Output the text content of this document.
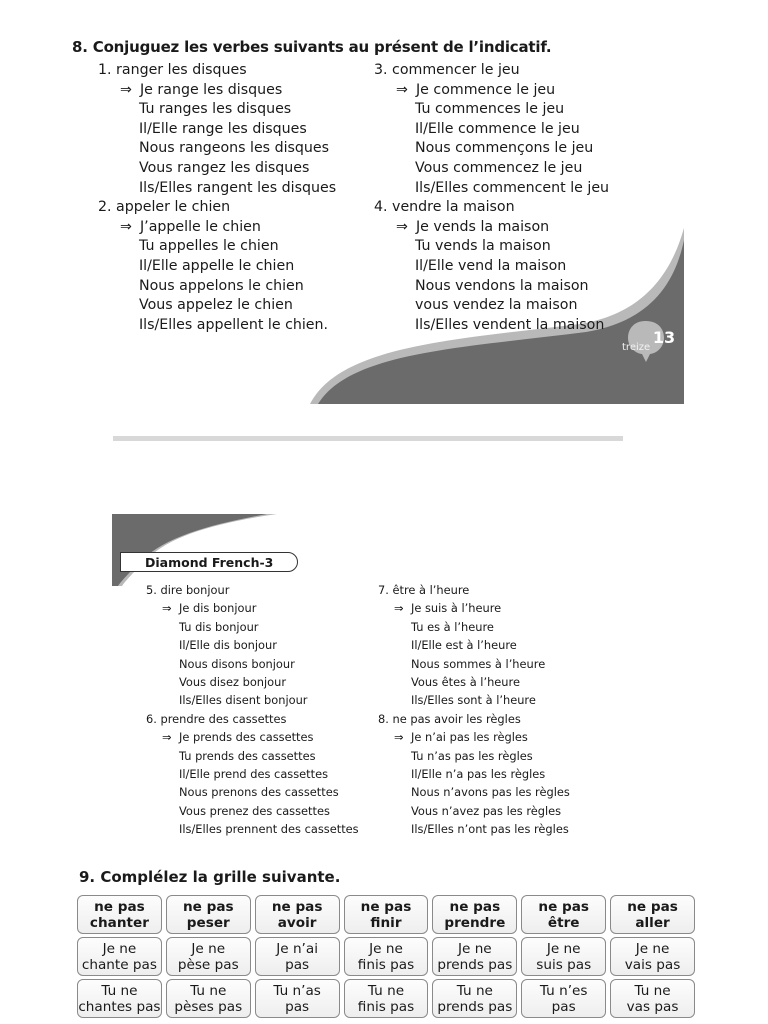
8. Conjuguez les verbes suivants au présent de l’indicatif.
1. ranger les disques
⇒ Je range les disques
Tu ranges les disques
Il/Elle range les disques
Nous rangeons les disques
Vous rangez les disques
Ils/Elles rangent les disques
2. appeler le chien
⇒ J’appelle le chien
Tu appelles le chien
Il/Elle appelle le chien
Nous appelons le chien
Vous appelez le chien
Ils/Elles appellent le chien.
3. commencer le jeu
⇒ Je commence le jeu
Tu commences le jeu
Il/Elle commence le jeu
Nous commençons le jeu
Vous commencez le jeu
Ils/Elles commencent le jeu
4. vendre la maison
⇒ Je vends la maison
Tu vends la maison
Il/Elle vend la maison
Nous vendons la maison
vous vendez la maison
Ils/Elles vendent la maison
13
treize
Diamond French-3
5. dire bonjour
⇒ Je dis bonjour
Tu dis bonjour
Il/Elle dis bonjour
Nous disons bonjour
Vous disez bonjour
Ils/Elles disent bonjour
6. prendre des cassettes
⇒ Je prends des cassettes
Tu prends des cassettes
Il/Elle prend des cassettes
Nous prenons des cassettes
Vous prenez des cassettes
Ils/Elles prennent des cassettes
7. être à l’heure
⇒ Je suis à l’heure
Tu es à l’heure
Il/Elle est à l’heure
Nous sommes à l’heure
Vous êtes à l’heure
Ils/Elles sont à l’heure
8. ne pas avoir les règles
⇒ Je n’ai pas les règles
Tu n’as pas les règles
Il/Elle n’a pas les règles
Nous n’avons pas les règles
Vous n’avez pas les règles
Ils/Elles n’ont pas les règles
9. Complélez la grille suivante.
ne pas
chanter
ne pas
peser
ne pas
avoir
ne pas
finir
ne pas
prendre
ne pas
être
ne pas
aller
Je ne
chante pas
Je ne
pèse pas
Je n’ai
pas
Je ne
finis pas
Je ne
prends pas
Je ne
suis pas
Je ne
vais pas
Tu ne
chantes pas
Tu ne
pèses pas
Tu n’as
pas
Tu ne
finis pas
Tu ne
prends pas
Tu n’es
pas
Tu ne
vas pas
